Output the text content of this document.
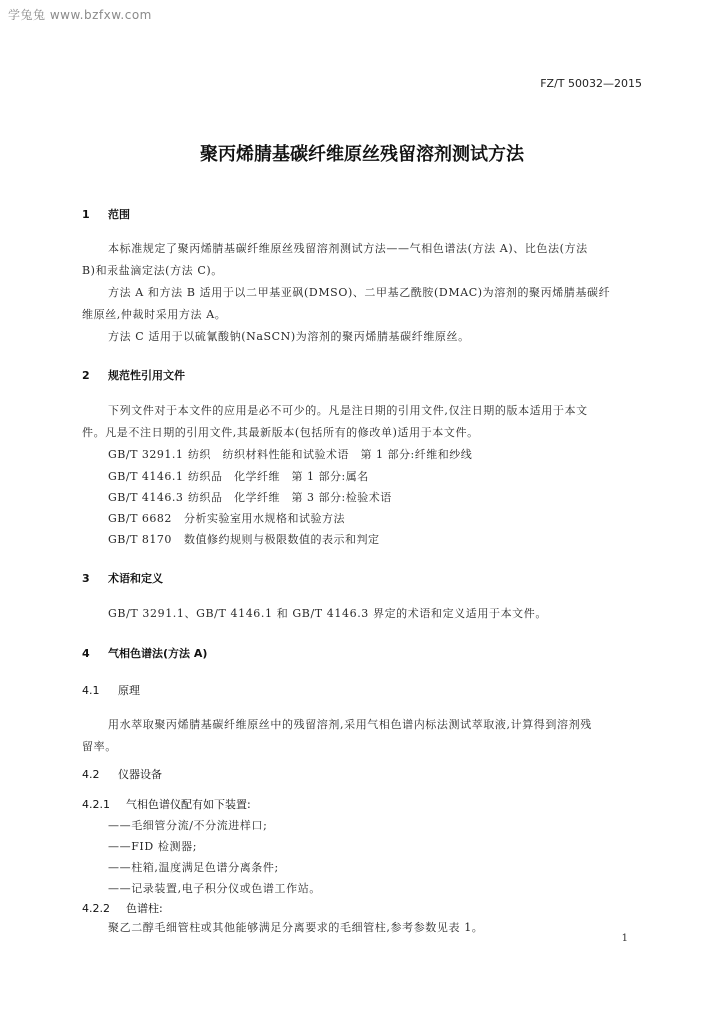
学兔兔 www.bzfxw.com
FZ/T 50032—2015
聚丙烯腈基碳纤维原丝残留溶剂测试方法
1 范围
本标准规定了聚丙烯腈基碳纤维原丝残留溶剂测试方法——气相色谱法(方法 A)、比色法(方法
B)和汞盐滴定法(方法 C)。
方法 A 和方法 B 适用于以二甲基亚砜(DMSO)、二甲基乙酰胺(DMAC)为溶剂的聚丙烯腈基碳纤
维原丝,仲裁时采用方法 A。
方法 C 适用于以硫氰酸钠(NaSCN)为溶剂的聚丙烯腈基碳纤维原丝。
2 规范性引用文件
下列文件对于本文件的应用是必不可少的。凡是注日期的引用文件,仅注日期的版本适用于本文
件。凡是不注日期的引用文件,其最新版本(包括所有的修改单)适用于本文件。
GB/T 3291.1 纺织　纺织材料性能和试验术语　第 1 部分:纤维和纱线
GB/T 4146.1 纺织品　化学纤维　第 1 部分:属名
GB/T 4146.3 纺织品　化学纤维　第 3 部分:检验术语
GB/T 6682 分析实验室用水规格和试验方法
GB/T 8170 数值修约规则与极限数值的表示和判定
3 术语和定义
GB/T 3291.1、GB/T 4146.1 和 GB/T 4146.3 界定的术语和定义适用于本文件。
4 气相色谱法(方法 A)
4.1 原理
用水萃取聚丙烯腈基碳纤维原丝中的残留溶剂,采用气相色谱内标法测试萃取液,计算得到溶剂残
留率。
4.2 仪器设备
4.2.1 气相色谱仪配有如下装置:
——毛细管分流/不分流进样口;
——FID 检测器;
——柱箱,温度满足色谱分离条件;
——记录装置,电子积分仪或色谱工作站。
4.2.2 色谱柱:
聚乙二醇毛细管柱或其他能够满足分离要求的毛细管柱,参考参数见表 1。
1
